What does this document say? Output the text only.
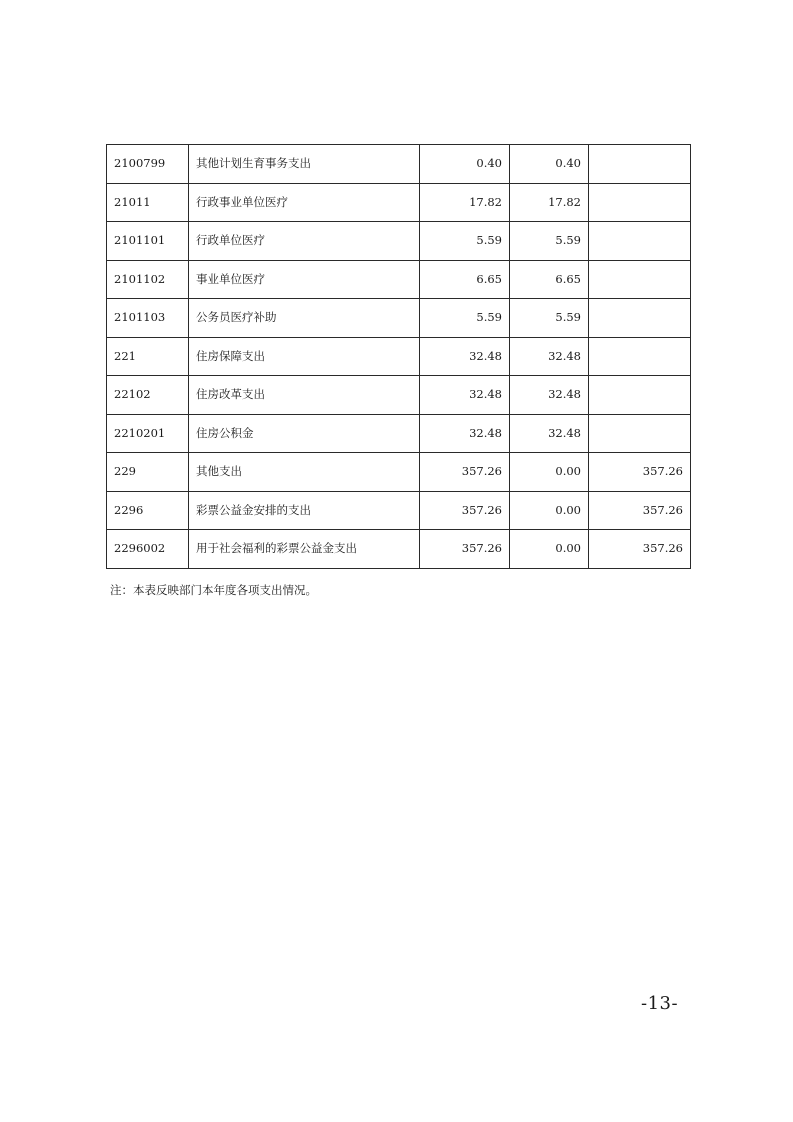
2100799	其他计划生育事务支出	0.40	0.40	
21011	行政事业单位医疗	17.82	17.82	
2101101	行政单位医疗	5.59	5.59	
2101102	事业单位医疗	6.65	6.65	
2101103	公务员医疗补助	5.59	5.59	
221	住房保障支出	32.48	32.48	
22102	住房改革支出	32.48	32.48	
2210201	住房公积金	32.48	32.48	
229	其他支出	357.26	0.00	357.26
2296	彩票公益金安排的支出	357.26	0.00	357.26
2296002	用于社会福利的彩票公益金支出	357.26	0.00	357.26
注：本表反映部门本年度各项支出情况。
-13-
